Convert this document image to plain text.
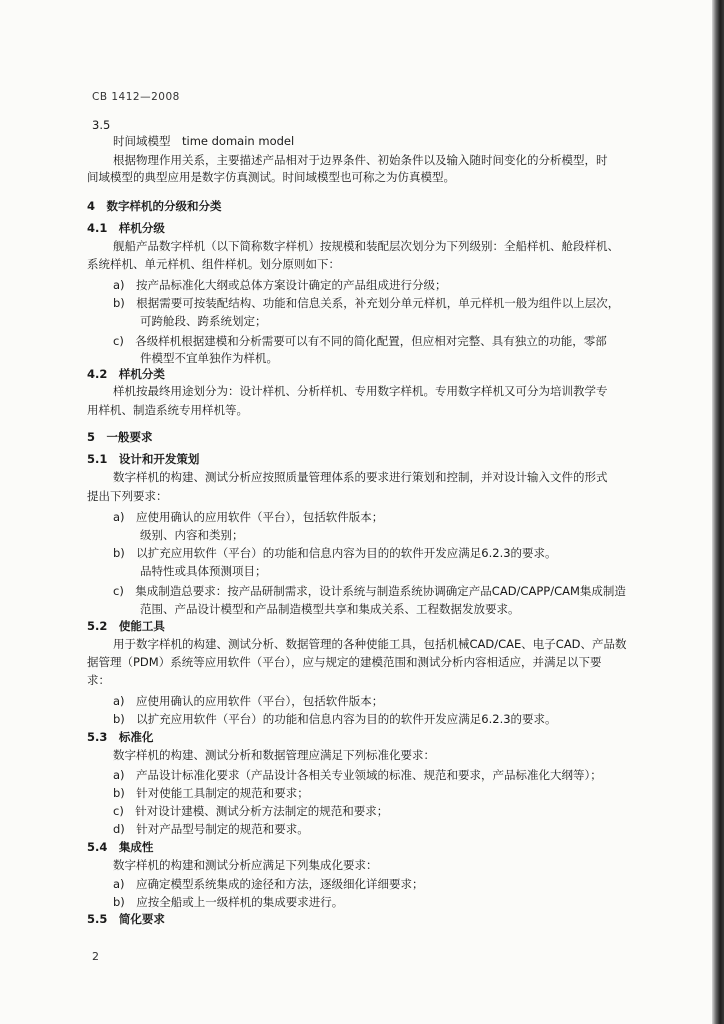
CB 1412—2008
3.5
时间域模型　time domain model
根据物理作用关系，主要描述产品相对于边界条件、初始条件以及输入随时间变化的分析模型，时
间域模型的典型应用是数字仿真测试。时间域模型也可称之为仿真模型。
4　数字样机的分级和分类
4.1　样机分级
舰船产品数字样机（以下简称数字样机）按规模和装配层次划分为下列级别：全船样机、舱段样机、
系统样机、单元样机、组件样机。划分原则如下：
a)　按产品标准化大纲或总体方案设计确定的产品组成进行分级；
b)　根据需要可按装配结构、功能和信息关系，补充划分单元样机，单元样机一般为组件以上层次，
可跨舱段、跨系统划定；
c)　各级样机根据建模和分析需要可以有不同的简化配置，但应相对完整、具有独立的功能，零部
件模型不宜单独作为样机。
4.2　样机分类
样机按最终用途划分为：设计样机、分析样机、专用数字样机。专用数字样机又可分为培训教学专
用样机、制造系统专用样机等。
5　一般要求
5.1　设计和开发策划
数字样机的构建、测试分析应按照质量管理体系的要求进行策划和控制，并对设计输入文件的形式
提出下列要求：
a)　应使用确认的应用软件（平台），包括软件版本；
级别、内容和类别；
b)　以扩充应用软件（平台）的功能和信息内容为目的的软件开发应满足6.2.3的要求。
品特性或具体预测项目；
c)　集成制造总要求：按产品研制需求，设计系统与制造系统协调确定产品CAD/CAPP/CAM集成制造
范围、产品设计模型和产品制造模型共享和集成关系、工程数据发放要求。
5.2　使能工具
用于数字样机的构建、测试分析、数据管理的各种使能工具，包括机械CAD/CAE、电子CAD、产品数
据管理（PDM）系统等应用软件（平台），应与规定的建模范围和测试分析内容相适应，并满足以下要
求：
a)　应使用确认的应用软件（平台），包括软件版本；
b)　以扩充应用软件（平台）的功能和信息内容为目的的软件开发应满足6.2.3的要求。
5.3　标准化
数字样机的构建、测试分析和数据管理应满足下列标准化要求：
a)　产品设计标准化要求（产品设计各相关专业领域的标准、规范和要求，产品标准化大纲等）；
b)　针对使能工具制定的规范和要求；
c)　针对设计建模、测试分析方法制定的规范和要求；
d)　针对产品型号制定的规范和要求。
5.4　集成性
数字样机的构建和测试分析应满足下列集成化要求：
a)　应确定模型系统集成的途径和方法，逐级细化详细要求；
b)　应按全船或上一级样机的集成要求进行。
5.5　简化要求
2
